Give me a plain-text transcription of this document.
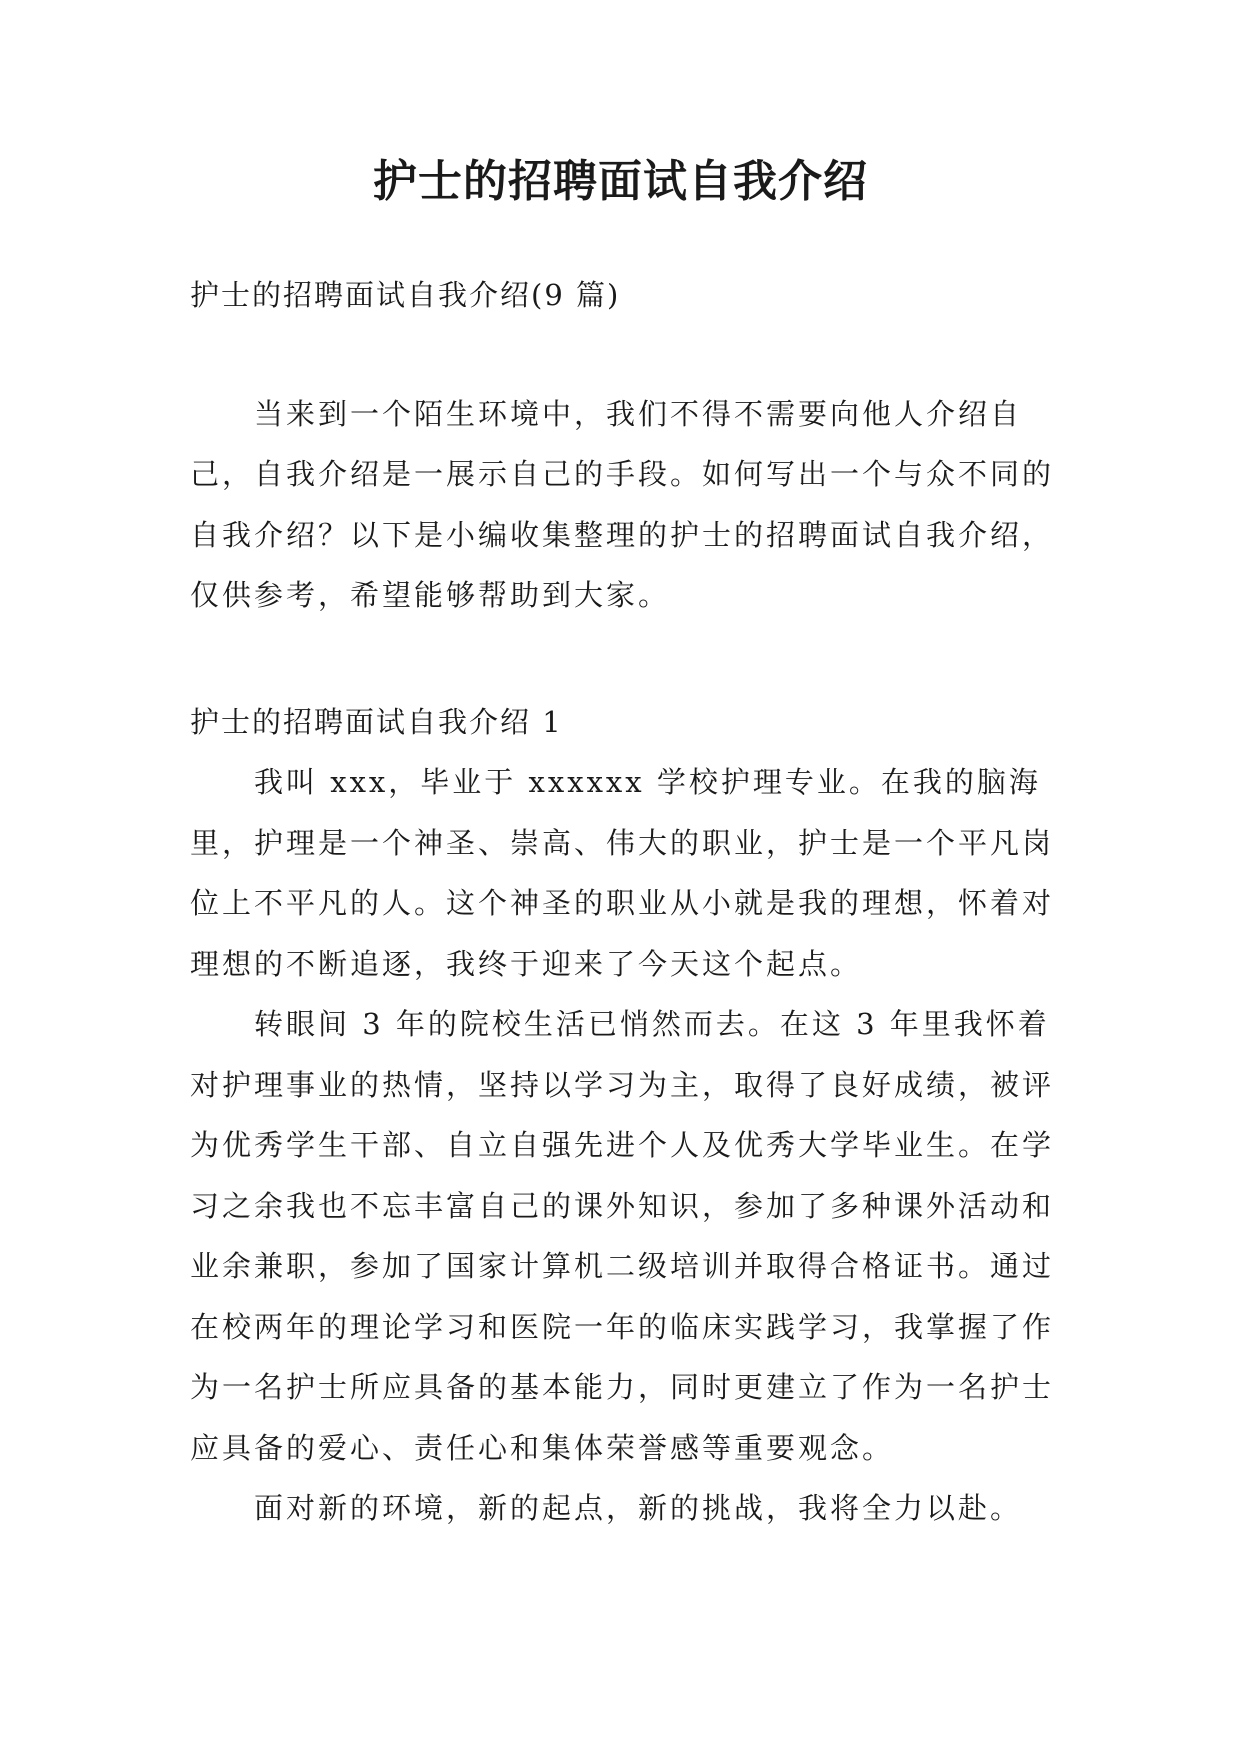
护士的招聘面试自我介绍

护士的招聘面试自我介绍(9 篇)

当来到一个陌生环境中，我们不得不需要向他人介绍自己，自我介绍是一展示自己的手段。如何写出一个与众不同的自我介绍？以下是小编收集整理的护士的招聘面试自我介绍，仅供参考，希望能够帮助到大家。

护士的招聘面试自我介绍 1

我叫 xxx，毕业于 xxxxxx 学校护理专业。在我的脑海里，护理是一个神圣、崇高、伟大的职业，护士是一个平凡岗位上不平凡的人。这个神圣的职业从小就是我的理想，怀着对理想的不断追逐，我终于迎来了今天这个起点。

转眼间 3 年的院校生活已悄然而去。在这 3 年里我怀着对护理事业的热情，坚持以学习为主，取得了良好成绩，被评为优秀学生干部、自立自强先进个人及优秀大学毕业生。在学习之余我也不忘丰富自己的课外知识，参加了多种课外活动和业余兼职，参加了国家计算机二级培训并取得合格证书。通过在校两年的理论学习和医院一年的临床实践学习，我掌握了作为一名护士所应具备的基本能力，同时更建立了作为一名护士应具备的爱心、责任心和集体荣誉感等重要观念。

面对新的环境，新的起点，新的挑战，我将全力以赴。
